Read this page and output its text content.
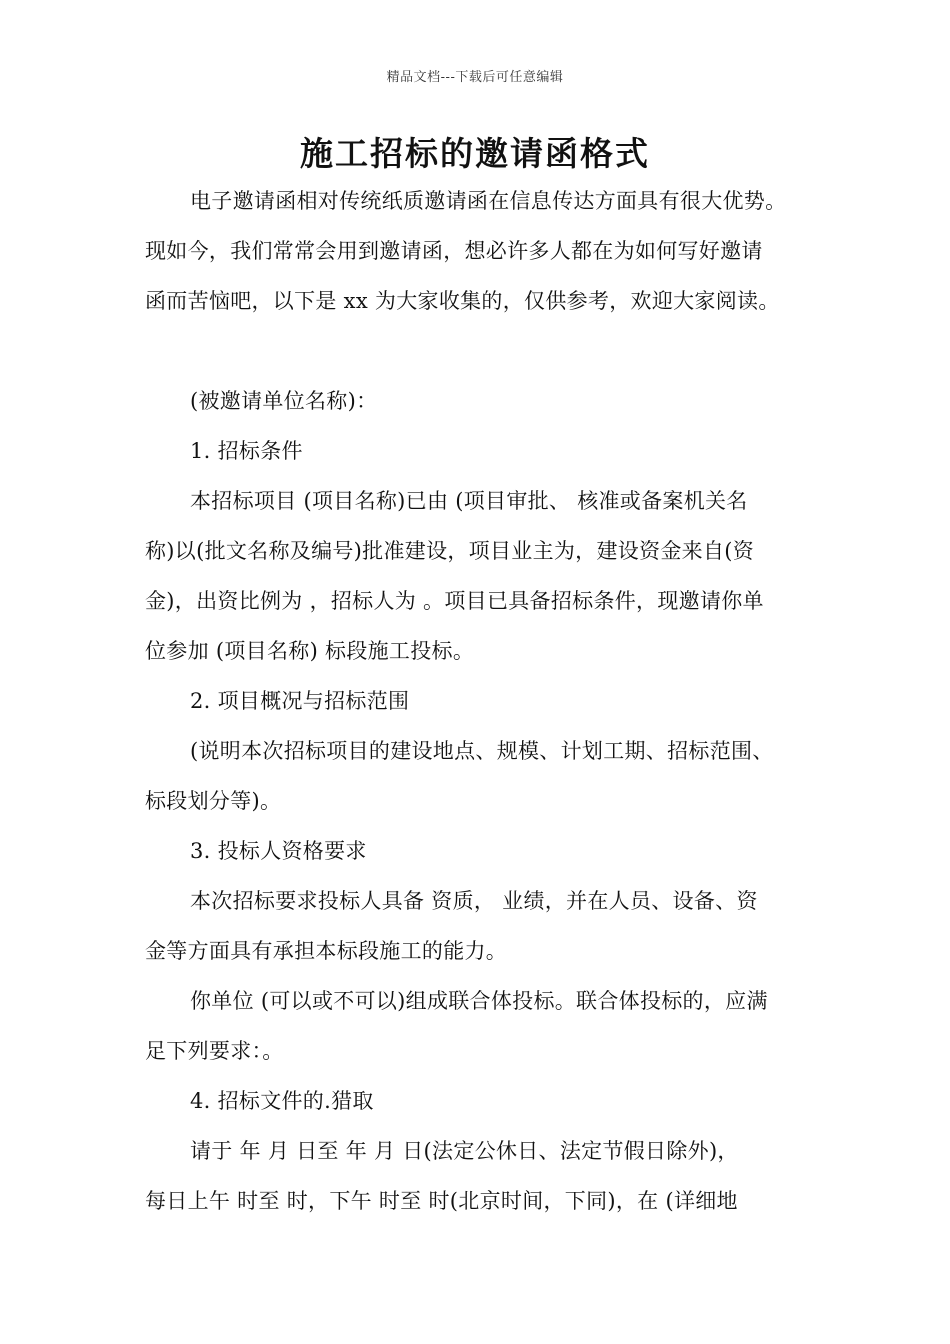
精品文档---下载后可任意编辑
施工招标的邀请函格式
电子邀请函相对传统纸质邀请函在信息传达方面具有很大优势。
现如今，我们常常会用到邀请函，想必许多人都在为如何写好邀请
函而苦恼吧，以下是 xx 为大家收集的，仅供参考，欢迎大家阅读。
(被邀请单位名称)：
1. 招标条件
本招标项目 (项目名称)已由 (项目审批、 核准或备案机关名
称)以(批文名称及编号)批准建设，项目业主为，建设资金来自(资
金)，出资比例为 ，招标人为 。项目已具备招标条件，现邀请你单
位参加 (项目名称) 标段施工投标。
2. 项目概况与招标范围
(说明本次招标项目的建设地点、规模、计划工期、招标范围、
标段划分等)。
3. 投标人资格要求
本次招标要求投标人具备 资质， 业绩，并在人员、设备、资
金等方面具有承担本标段施工的能力。
你单位 (可以或不可以)组成联合体投标。联合体投标的，应满
足下列要求：。
4. 招标文件的.猎取
请于 年 月 日至 年 月 日(法定公休日、法定节假日除外)，
每日上午 时至 时，下午 时至 时(北京时间，下同)，在 (详细地
